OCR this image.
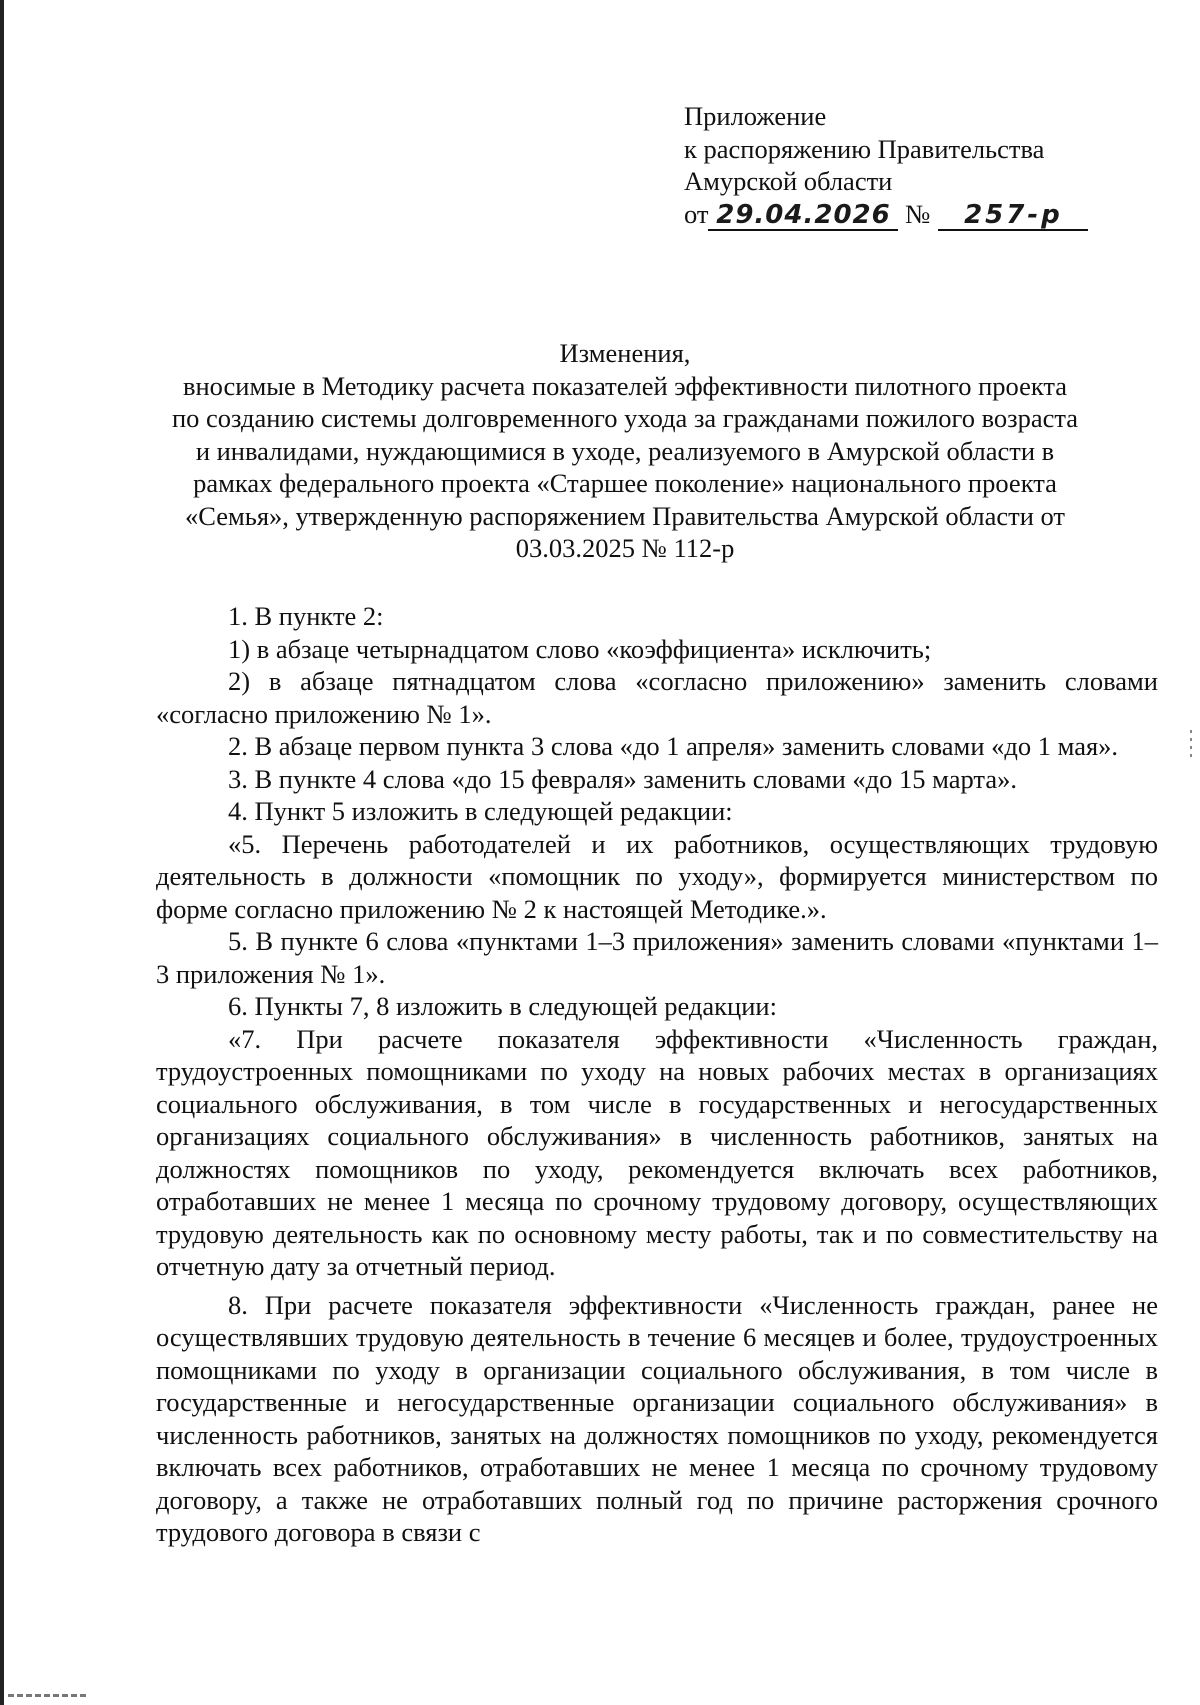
Приложение
к распоряжению Правительства
Амурской области
от 29.04.2026 № 257-р
Изменения,
вносимые в Методику расчета показателей эффективности пилотного проекта
по созданию системы долговременного ухода за гражданами пожилого возраста
и инвалидами, нуждающимися в уходе, реализуемого в Амурской области в
рамках федерального проекта «Старшее поколение» национального проекта
«Семья», утвержденную распоряжением Правительства Амурской области от
03.03.2025 № 112-р

1. В пункте 2:

1) в абзаце четырнадцатом слово «коэффициента» исключить;

2) в абзаце пятнадцатом слова «согласно приложению» заменить словами «согласно приложению № 1».

2. В абзаце первом пункта 3 слова «до 1 апреля» заменить словами «до 1 мая».

3. В пункте 4 слова «до 15 февраля» заменить словами «до 15 марта».

4. Пункт 5 изложить в следующей редакции:

«5. Перечень работодателей и их работников, осуществляющих трудовую деятельность в должности «помощник по уходу», формируется министерством по форме согласно приложению № 2 к настоящей Методике.».

5. В пункте 6 слова «пунктами 1–3 приложения» заменить словами «пунктами 1–3 приложения № 1».

6. Пункты 7, 8 изложить в следующей редакции:

«7. При расчете показателя эффективности «Численность граждан, трудоустроенных помощниками по уходу на новых рабочих местах в организациях социального обслуживания, в том числе в государственных и негосударственных организациях социального обслуживания» в численность работников, занятых на должностях помощников по уходу, рекомендуется включать всех работников, отработавших не менее 1 месяца по срочному трудовому договору, осуществляющих трудовую деятельность как по основному месту работы, так и по совместительству на отчетную дату за отчетный период.

8. При расчете показателя эффективности «Численность граждан, ранее не осуществлявших трудовую деятельность в течение 6 месяцев и более, трудоустроенных помощниками по уходу в организации социального обслуживания, в том числе в государственные и негосударственные организации социального обслуживания» в численность работников, занятых на должностях помощников по уходу, рекомендуется включать всех работников, отработавших не менее 1 месяца по срочному трудовому договору, а также не отработавших полный год по причине расторжения срочного трудового договора в связи с
